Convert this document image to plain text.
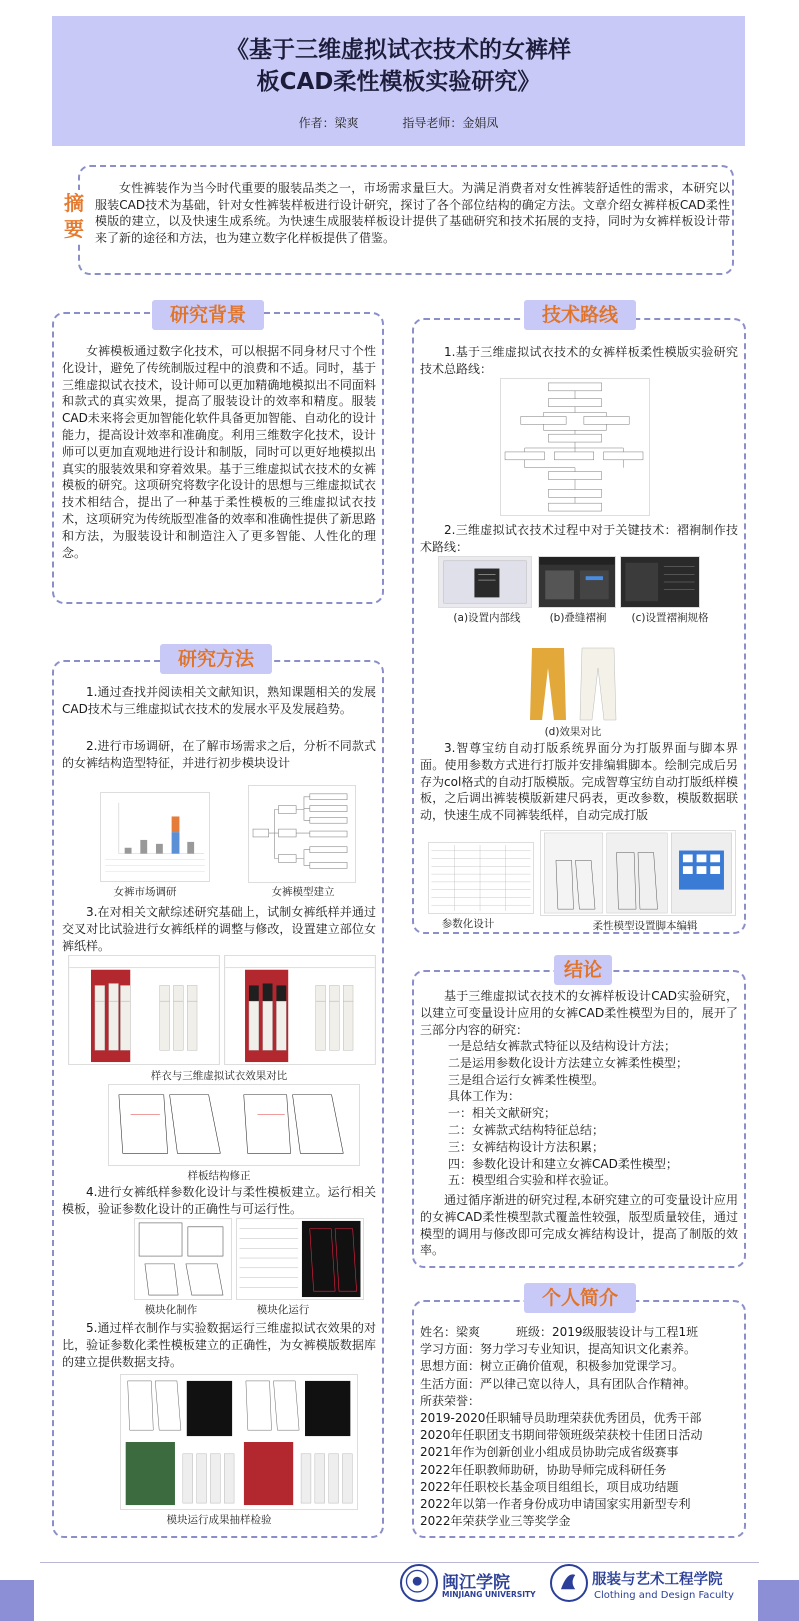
《基于三维虚拟试衣技术的女裤样
板CAD柔性模板实验研究》
作者：梁爽	指导老师：金娟凤
摘要
女性裤装作为当今时代重要的服装品类之一，市场需求量巨大。为满足消费者对女性裤装舒适性的需求，本研究以服装CAD技术为基础，针对女性裤装样板进行设计研究，探讨了各个部位结构的确定方法。文章介绍女裤样板CAD柔性模版的建立，以及快速生成系统。为快速生成服装样板设计提供了基础研究和技术拓展的支持，同时为女裤样板设计带来了新的途径和方法，也为建立数字化样板提供了借鉴。
研究背景
女裤模板通过数字化技术，可以根据不同身材尺寸个性化设计，避免了传统制版过程中的浪费和不适。同时，基于三维虚拟试衣技术，设计师可以更加精确地模拟出不同面料和款式的真实效果，提高了服装设计的效率和精度。服装CAD未来将会更加智能化软件具备更加智能、自动化的设计能力，提高设计效率和准确度。利用三维数字化技术，设计师可以更加直观地进行设计和制版，同时可以更好地模拟出真实的服装效果和穿着效果。基于三维虚拟试衣技术的女裤模板的研究。这项研究将数字化设计的思想与三维虚拟试衣技术相结合，提出了一种基于柔性模板的三维虚拟试衣技术，这项研究为传统版型准备的效率和准确性提供了新思路和方法，为服装设计和制造注入了更多智能、人性化的理念。
研究方法
1.通过查找并阅读相关文献知识，熟知课题相关的发展CAD技术与三维虚拟试衣技术的发展水平及发展趋势。
2.进行市场调研，在了解市场需求之后，分析不同款式的女裤结构造型特征，并进行初步模块设计
女裤市场调研	女裤模型建立
3.在对相关文献综述研究基础上，试制女裤纸样并通过交叉对比试验进行女裤纸样的调整与修改，设置建立部位女裤纸样。
样衣与三维虚拟试衣效果对比
样板结构修正
4.进行女裤纸样参数化设计与柔性模板建立。运行相关模板，验证参数化设计的正确性与可运行性。
模块化制作	模块化运行
5.通过样衣制作与实验数据运行三维虚拟试衣效果的对比，验证参数化柔性模板建立的正确性，为女裤模版数据库的建立提供数据支持。
模块运行成果抽样检验
技术路线
1.基于三维虚拟试衣技术的女裤样板柔性模版实验研究技术总路线：
2.三维虚拟试衣技术过程中对于关键技术：褶裥制作技术路线：
(a)设置内部线	(b)叠缝褶裥	(c)设置褶裥规格
(d)效果对比
3.智尊宝纺自动打版系统界面分为打版界面与脚本界面。使用参数方式进行打版并安排编辑脚本。绘制完成后另存为col格式的自动打版模版。完成智尊宝纺自动打版纸样模板，之后调出裤装模版新建尺码表，更改参数，模版数据联动，快速生成不同裤装纸样，自动完成打版
参数化设计	柔性模型设置脚本编辑
结论
基于三维虚拟试衣技术的女裤样板设计CAD实验研究，以建立可变量设计应用的女裤CAD柔性模型为目的，展开了三部分内容的研究：
一是总结女裤款式特征以及结构设计方法；
二是运用参数化设计方法建立女裤柔性模型；
三是组合运行女裤柔性模型。
具体工作为：
一：相关文献研究；
二：女裤款式结构特征总结；
三：女裤结构设计方法积累；
四：参数化设计和建立女裤CAD柔性模型；
五：模型组合实验和样衣验证。
通过循序渐进的研究过程,本研究建立的可变量设计应用的女裤CAD柔性模型款式覆盖性较强，版型质量较佳，通过模型的调用与修改即可完成女裤结构设计，提高了制版的效率。
个人简介
姓名：梁爽　　　班级：2019级服装设计与工程1班
学习方面：努力学习专业知识，提高知识文化素养。
思想方面：树立正确价值观，积极参加党课学习。
生活方面：严以律己宽以待人，具有团队合作精神。
所获荣誉：
2019-2020任职辅导员助理荣获优秀团员，优秀干部
2020年任职团支书期间带领班级荣获校十佳团日活动
2021年作为创新创业小组成员协助完成省级赛事
2022年任职教师助研，协助导师完成科研任务
2022年任职校长基金项目组组长，项目成功结题
2022年以第一作者身份成功申请国家实用新型专利
2022年荣获学业三等奖学金
闽江学院
MINJIANG UNIVERSITY
服装与艺术工程学院
Clothing and Design Faculty
